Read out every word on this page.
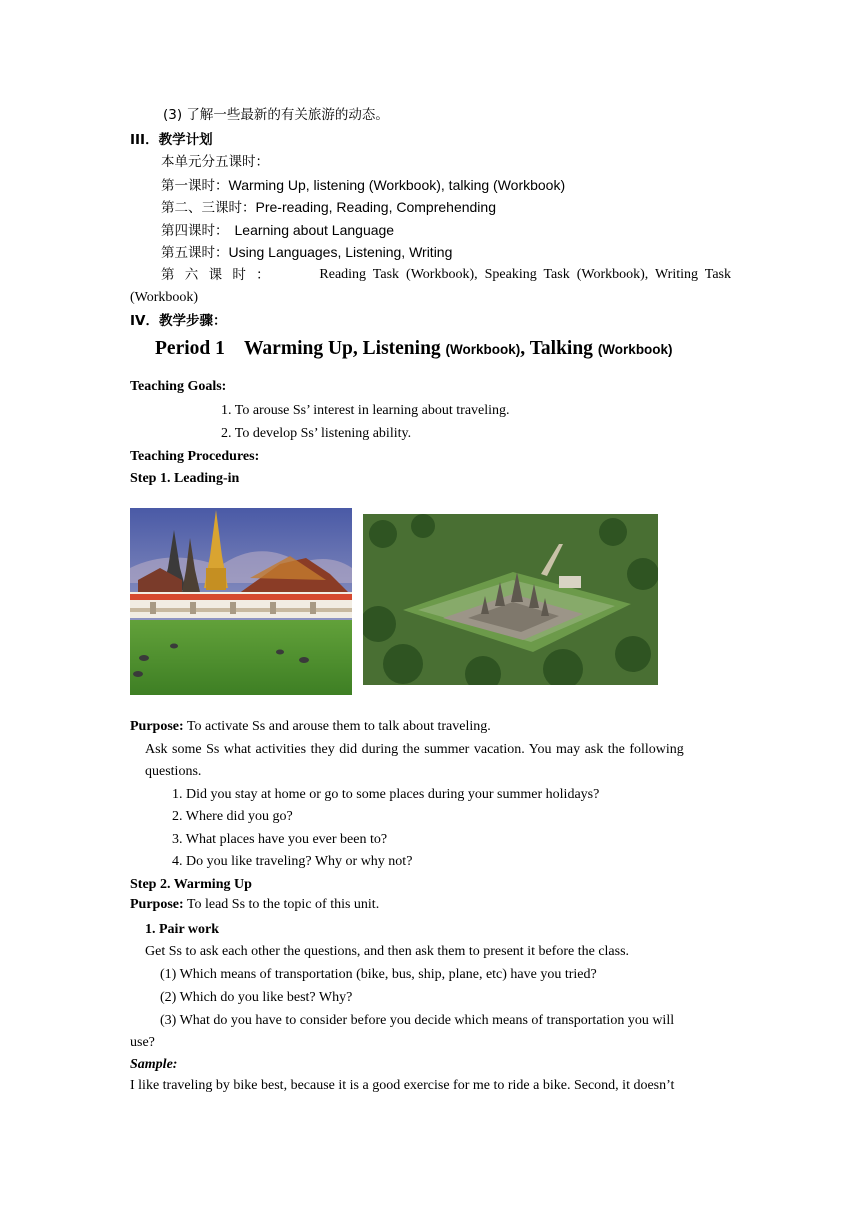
(3) 了解一些最新的有关旅游的动态。
III．教学计划
本单元分五课时：
第一课时：Warming Up, listening (Workbook), talking (Workbook)
第二、三课时：Pre-reading, Reading, Comprehending
第四课时： Learning about Language
第五课时：Using Languages, Listening, Writing
第 六 课 时 ：	Reading  Task  (Workbook),  Speaking  Task  (Workbook),  Writing  Task
(Workbook)
IV．教学步骤：
Period 1    Warming Up, Listening (Workbook), Talking (Workbook)
Teaching Goals:
1. To arouse Ss’ interest in learning about traveling.
2. To develop Ss’ listening ability.
Teaching Procedures:
Step 1. Leading-in
Purpose: To activate Ss and arouse them to talk about traveling.
Ask some Ss what activities they did during the summer vacation. You may ask the following
questions.
1. Did you stay at home or go to some places during your summer holidays?
2. Where did you go?
3. What places have you ever been to?
4. Do you like traveling? Why or why not?
Step 2. Warming Up
Purpose: To lead Ss to the topic of this unit.
1. Pair work
Get Ss to ask each other the questions, and then ask them to present it before the class.
(1) Which means of transportation (bike, bus, ship, plane, etc) have you tried?
(2) Which do you like best? Why?
(3) What do you have to consider before you decide which means of transportation you will
use?
Sample:
I like traveling by bike best, because it is a good exercise for me to ride a bike. Second, it doesn’t
